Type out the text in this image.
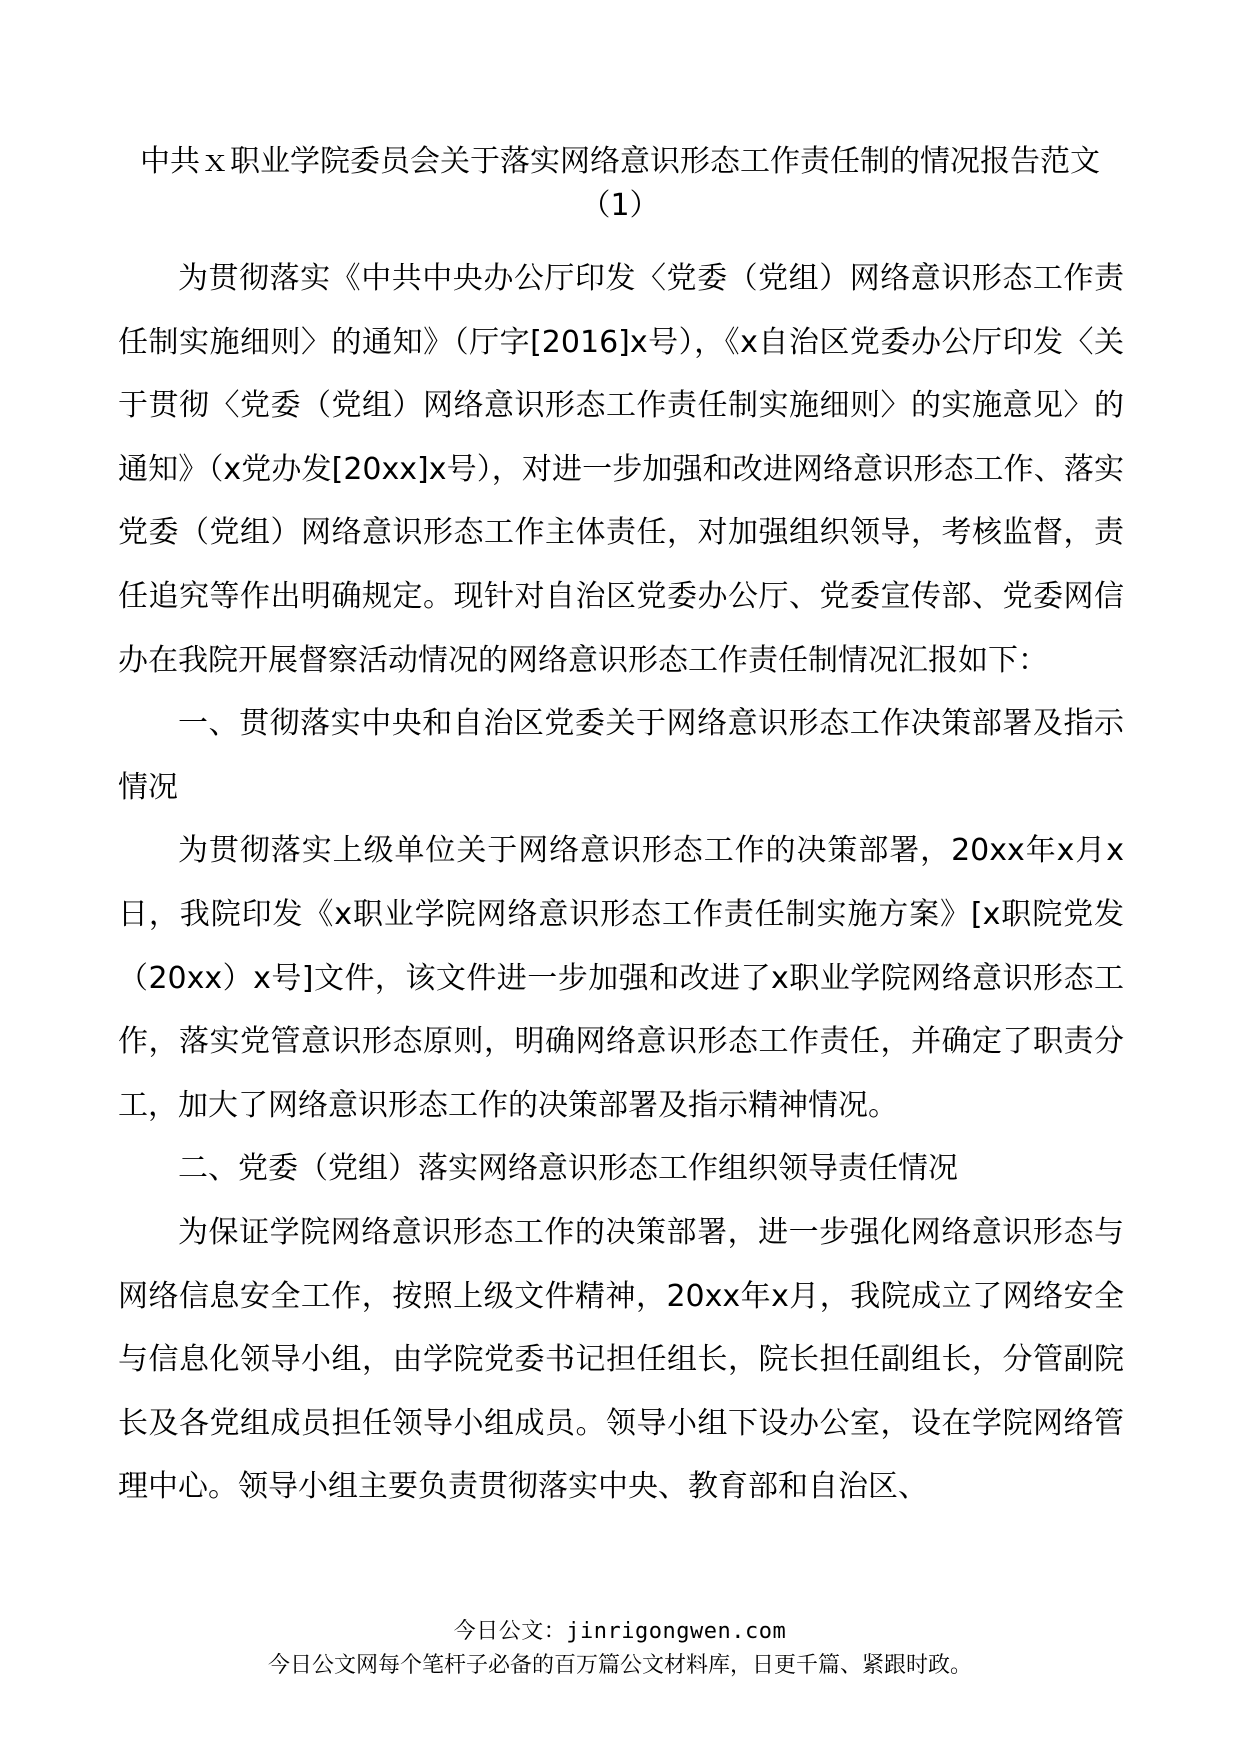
中共ｘ职业学院委员会关于落实网络意识形态工作责任制的情况报告范文（1）

为贯彻落实《中共中央办公厅印发〈党委（党组）网络意识形态工作责任制实施细则〉的通知》（厅字[2016]x号），《x自治区党委办公厅印发〈关于贯彻〈党委（党组）网络意识形态工作责任制实施细则〉的实施意见〉的通知》（x党办发[20xx]x号），对进一步加强和改进网络意识形态工作、落实党委（党组）网络意识形态工作主体责任，对加强组织领导，考核监督，责任追究等作出明确规定。现针对自治区党委办公厅、党委宣传部、党委网信办在我院开展督察活动情况的网络意识形态工作责任制情况汇报如下：

一、贯彻落实中央和自治区党委关于网络意识形态工作决策部署及指示情况

为贯彻落实上级单位关于网络意识形态工作的决策部署，20xx年x月x日，我院印发《x职业学院网络意识形态工作责任制实施方案》[x职院党发（20xx）x号]文件，该文件进一步加强和改进了x职业学院网络意识形态工作，落实党管意识形态原则，明确网络意识形态工作责任，并确定了职责分工，加大了网络意识形态工作的决策部署及指示精神情况。

二、党委（党组）落实网络意识形态工作组织领导责任情况

为保证学院网络意识形态工作的决策部署，进一步强化网络意识形态与网络信息安全工作，按照上级文件精神，20xx年x月，我院成立了网络安全与信息化领导小组，由学院党委书记担任组长，院长担任副组长，分管副院长及各党组成员担任领导小组成员。领导小组下设办公室，设在学院网络管理中心。领导小组主要负责贯彻落实中央、教育部和自治区、

今日公文：jinrigongwen.com
今日公文网每个笔杆子必备的百万篇公文材料库，日更千篇、紧跟时政。
